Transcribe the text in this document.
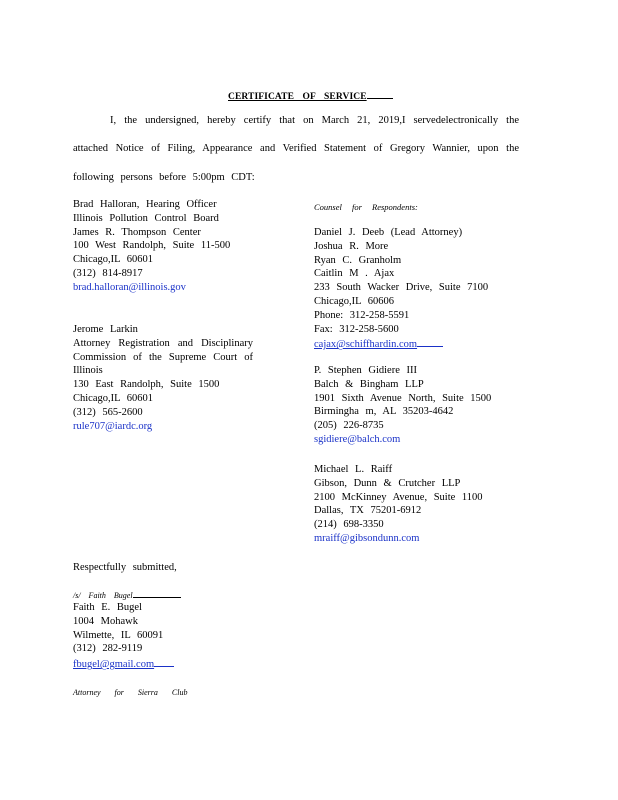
CERTIFICATE OF SERVICE
I, the undersigned, hereby certify that on March 21, 2019,I servedelectronically the
attached Notice of Filing, Appearance and Verified Statement of Gregory Wannier, upon the
following persons before 5:00pm CDT:
Brad Halloran, Hearing Officer
Illinois Pollution Control Board
James R. Thompson Center
100 West Randolph, Suite 11-500
Chicago,IL 60601
(312) 814-8917
brad.halloran@illinois.gov
Jerome Larkin
Attorney Registration and Disciplinary
Commission of the Supreme Court of
Illinois
130 East Randolph, Suite 1500
Chicago,IL 60601
(312) 565-2600
rule707@iardc.org
Counsel for Respondents:
Daniel J. Deeb (Lead Attorney)
Joshua R. More
Ryan C. Granholm
Caitlin M . Ajax
233 South Wacker Drive, Suite 7100
Chicago,IL 60606
Phone: 312-258-5591
Fax: 312-258-5600
cajax@schiffhardin.com
P. Stephen Gidiere III
Balch & Bingham LLP
1901 Sixth Avenue North, Suite 1500
Birmingha m, AL 35203-4642
(205) 226-8735
sgidiere@balch.com
Michael L. Raiff
Gibson, Dunn & Crutcher LLP
2100 McKinney Avenue, Suite 1100
Dallas, TX 75201-6912
(214) 698-3350
mraiff@gibsondunn.com
Respectfully submitted,
/s/ Faith Bugel
Faith E. Bugel
1004 Mohawk
Wilmette, IL 60091
(312) 282-9119
fbugel@gmail.com
Attorney for Sierra Club
